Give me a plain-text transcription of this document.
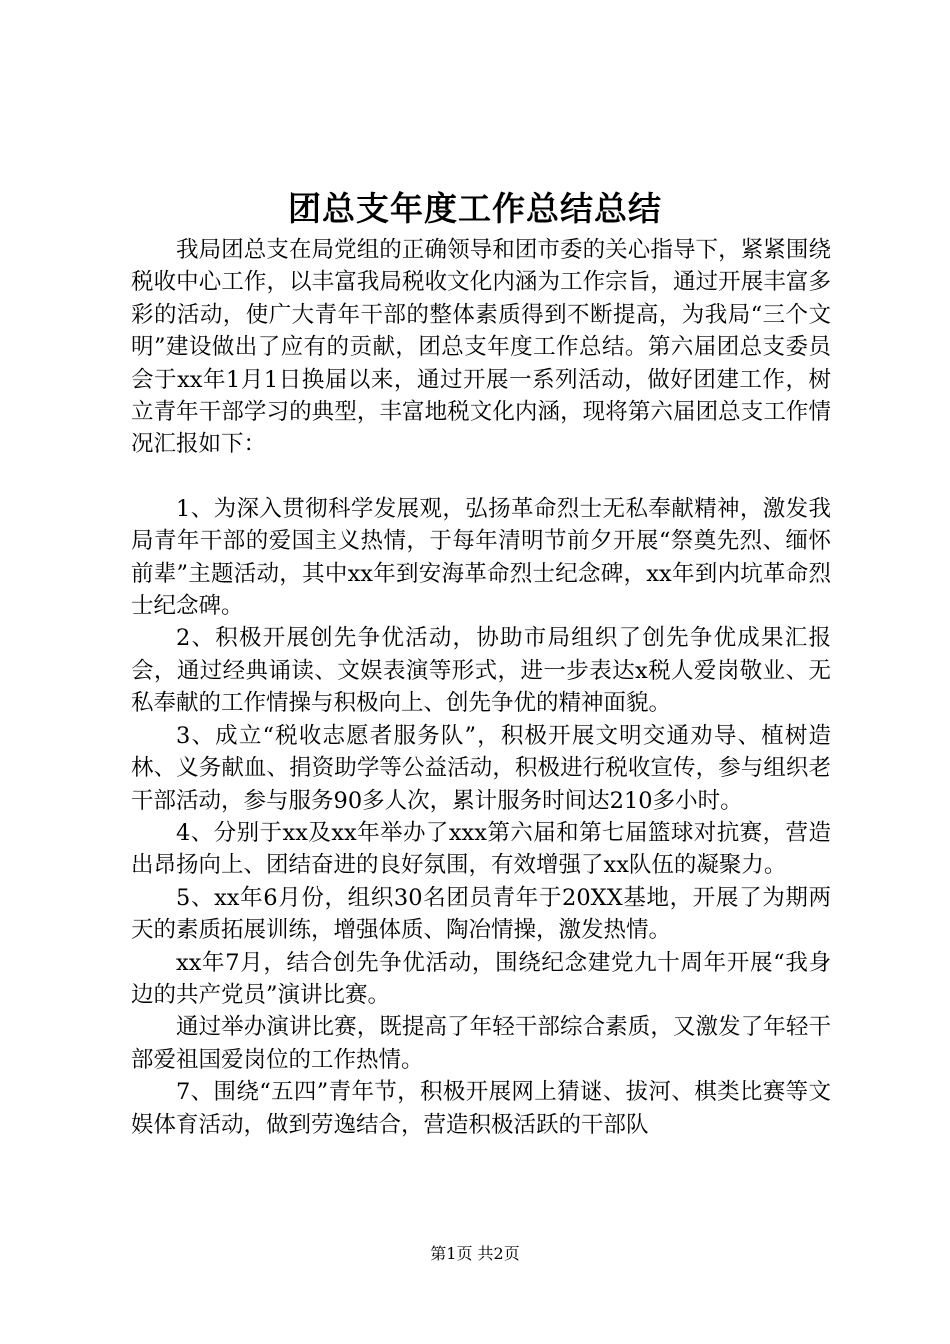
团总支年度工作总结总结

我局团总支在局党组的正确领导和团市委的关心指导下，紧紧围绕税收中心工作，以丰富我局税收文化内涵为工作宗旨，通过开展丰富多彩的活动，使广大青年干部的整体素质得到不断提高，为我局“三个文明”建设做出了应有的贡献，团总支年度工作总结。第六届团总支委员会于xx年1月1日换届以来，通过开展一系列活动，做好团建工作，树立青年干部学习的典型，丰富地税文化内涵，现将第六届团总支工作情况汇报如下：

1、为深入贯彻科学发展观，弘扬革命烈士无私奉献精神，激发我局青年干部的爱国主义热情，于每年清明节前夕开展“祭奠先烈、缅怀前辈”主题活动，其中xx年到安海革命烈士纪念碑，xx年到内坑革命烈士纪念碑。

2、积极开展创先争优活动，协助市局组织了创先争优成果汇报会，通过经典诵读、文娱表演等形式，进一步表达x税人爱岗敬业、无私奉献的工作情操与积极向上、创先争优的精神面貌。

3、成立“税收志愿者服务队”，积极开展文明交通劝导、植树造林、义务献血、捐资助学等公益活动，积极进行税收宣传，参与组织老干部活动，参与服务90多人次，累计服务时间达210多小时。

4、分别于xx及xx年举办了xxx第六届和第七届篮球对抗赛，营造出昂扬向上、团结奋进的良好氛围，有效增强了xx队伍的凝聚力。

5、xx年6月份，组织30名团员青年于20XX基地，开展了为期两天的素质拓展训练，增强体质、陶冶情操，激发热情。

xx年7月，结合创先争优活动，围绕纪念建党九十周年开展“我身边的共产党员”演讲比赛。

通过举办演讲比赛，既提高了年轻干部综合素质，又激发了年轻干部爱祖国爱岗位的工作热情。

7、围绕“五四”青年节，积极开展网上猜谜、拔河、棋类比赛等文娱体育活动，做到劳逸结合，营造积极活跃的干部队

第1页 共2页
